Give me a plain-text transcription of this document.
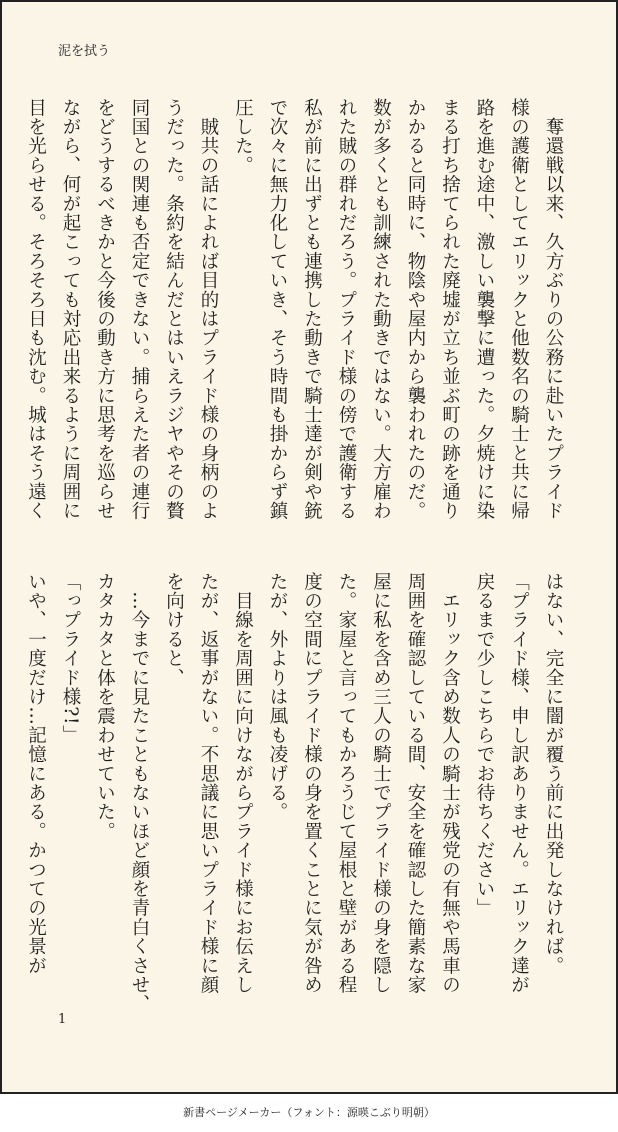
泥を拭う
　奪還戦以来、久方ぶりの公務に赴いたプライド
様の護衛としてエリックと他数名の騎士と共に帰
路を進む途中、激しい襲撃に遭った。夕焼けに染
まる打ち捨てられた廃墟が立ち並ぶ町の跡を通り
かかると同時に、物陰や屋内から襲われたのだ。
数が多くとも訓練された動きではない。大方雇わ
れた賊の群れだろう。プライド様の傍で護衛する
私が前に出ずとも連携した動きで騎士達が剣や銃
で次々に無力化していき、そう時間も掛からず鎮
圧した。
　賊共の話によれば目的はプライド様の身柄のよ
うだった。条約を結んだとはいえラジヤやその贅
同国との関連も否定できない。捕らえた者の連行
をどうするべきかと今後の動き方に思考を巡らせ
ながら、何が起こっても対応出来るように周囲に
目を光らせる。そろそろ日も沈む。城はそう遠く
はない、完全に闇が覆う前に出発しなければ。
「プライド様、申し訳ありません。エリック達が
戻るまで少しこちらでお待ちください」
　エリック含め数人の騎士が残党の有無や馬車の
周囲を確認している間、安全を確認した簡素な家
屋に私を含め三人の騎士でプライド様の身を隠し
た。家屋と言ってもかろうじて屋根と壁がある程
度の空間にプライド様の身を置くことに気が咎め
たが、外よりは風も凌げる。
　目線を周囲に向けながらプライド様にお伝えし
たが、返事がない。不思議に思いプライド様に顔
を向けると、
　…今までに見たこともないほど顔を青白くさせ、
カタカタと体を震わせていた。
「っプライド様?!」
いや、一度だけ…記憶にある。かつての光景が
1
新書ページメーカー（フォント：源暎こぶり明朝）
